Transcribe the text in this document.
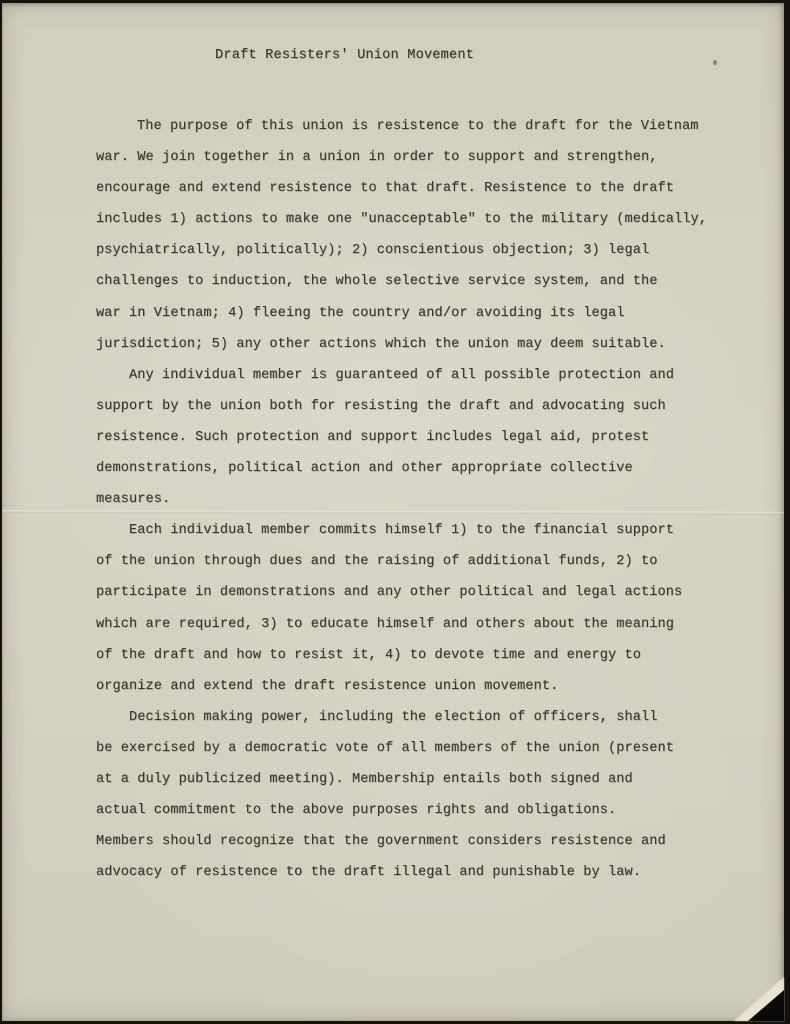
Draft Resisters' Union Movement
The purpose of this union is resistence to the draft for the Vietnam
war. We join together in a union in order to support and strengthen,
encourage and extend resistence to that draft. Resistence to the draft
includes 1) actions to make one "unacceptable" to the military (medically,
psychiatrically, politically); 2) conscientious objection; 3) legal
challenges to induction, the whole selective service system, and the
war in Vietnam; 4) fleeing the country and/or avoiding its legal
jurisdiction; 5) any other actions which the union may deem suitable.
Any individual member is guaranteed of all possible protection and
support by the union both for resisting the draft and advocating such
resistence. Such protection and support includes legal aid, protest
demonstrations, political action and other appropriate collective
measures.
Each individual member commits himself 1) to the financial support
of the union through dues and the raising of additional funds, 2) to
participate in demonstrations and any other political and legal actions
which are required, 3) to educate himself and others about the meaning
of the draft and how to resist it, 4) to devote time and energy to
organize and extend the draft resistence union movement.
Decision making power, including the election of officers, shall
be exercised by a democratic vote of all members of the union (present
at a duly publicized meeting). Membership entails both signed and
actual commitment to the above purposes rights and obligations.
Members should recognize that the government considers resistence and
advocacy of resistence to the draft illegal and punishable by law.
